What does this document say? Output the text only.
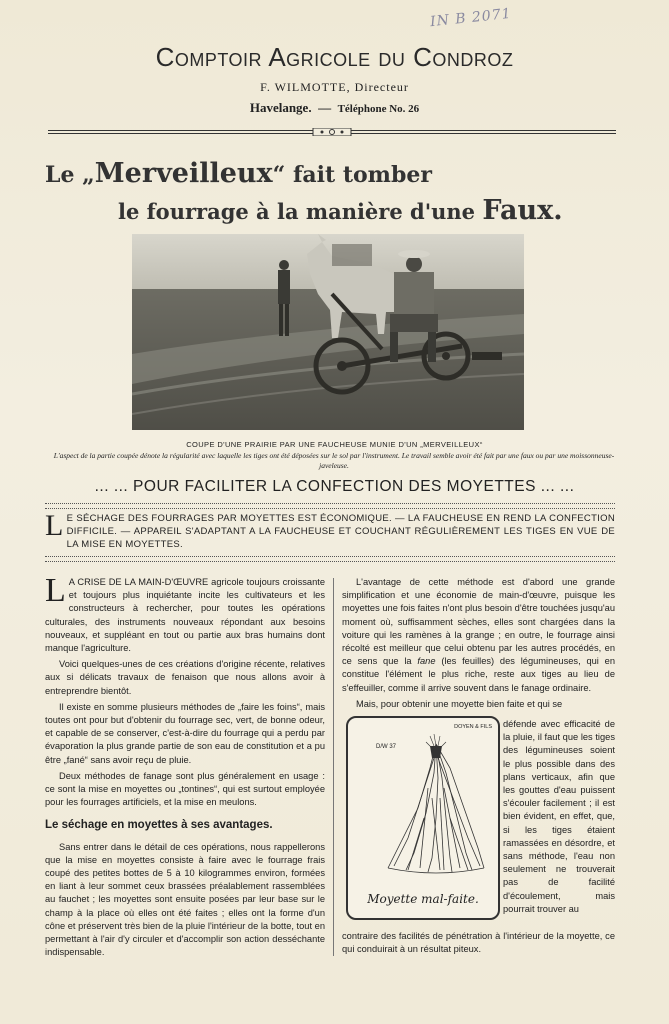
IN B 2071
Comptoir Agricole du Condroz
F. WILMOTTE, Directeur
Havelange. — Téléphone No. 26
Le „Merveilleux“ fait tomber
le fourrage à la manière d'une Faux.
COUPE D'UNE PRAIRIE PAR UNE FAUCHEUSE MUNIE D'UN „MERVEILLEUX“
L'aspect de la partie coupée dénote la régularité avec laquelle les tiges ont été déposées sur le sol par l'instrument. Le travail semble avoir été fait par une faux ou par une moissonneuse-javeleuse.
... ... POUR FACILITER LA CONFECTION DES MOYETTES ... ...
L E SÉCHAGE DES FOURRAGES PAR MOYETTES EST ÉCONOMIQUE. — LA FAUCHEUSE EN REND LA CONFECTION DIFFICILE. — APPAREIL S'ADAPTANT A LA FAUCHEUSE ET COUCHANT RÉGULIÈREMENT LES TIGES EN VUE DE LA MISE EN MOYETTES.

L A CRISE DE LA MAIN-D'ŒUVRE agricole toujours croissante et toujours plus inquiétante incite les cultivateurs et les constructeurs à rechercher, pour toutes les opérations culturales, des instruments nouveaux répondant aux besoins nouveaux, et suppléant en tout ou partie aux bras humains dont manque l'agriculture.

Voici quelques-unes de ces créations d'origine récente, relatives aux si délicats travaux de fenaison que nous allons avoir à entreprendre bientôt.

Il existe en somme plusieurs méthodes de „faire les foins“, mais toutes ont pour but d'obtenir du fourrage sec, vert, de bonne odeur, et capable de se conserver, c'est-à-dire du fourrage qui a perdu par évaporation la plus grande partie de son eau de constitution et a pu être „fané“ sans avoir reçu de pluie.

Deux méthodes de fanage sont plus généralement en usage : ce sont la mise en moyettes ou „tontines“, qui est surtout employée pour les fourrages artificiels, et la mise en meulons.

Le séchage en moyettes à ses avantages.

Sans entrer dans le détail de ces opérations, nous rappellerons que la mise en moyettes consiste à faire avec le fourrage frais coupé des petites bottes de 5 à 10 kilogrammes environ, formées en liant à leur sommet ceux brassées préalablement rassemblées au fauchet ; les moyettes sont ensuite posées par leur base sur le champ à la place où elles ont été faites ; elles ont la forme d'un cône et préservent très bien de la pluie l'intérieur de la botte, tout en permettant à l'air d'y circuler et d'accomplir son action desséchante indispensable.

L'avantage de cette méthode est d'abord une grande simplification et une économie de main-d'œuvre, puisque les moyettes une fois faites n'ont plus besoin d'être touchées jusqu'au moment où, suffisamment sèches, elles sont chargées dans la voiture qui les ramènes à la grange ; en outre, le fourrage ainsi récolté est meilleur que celui obtenu par les autres procédés, en ce sens que la fane (les feuilles) des légumineuses, qui en constitue l'élément le plus riche, reste aux tiges au lieu de s'effeuiller, comme il arrive souvent dans le fanage ordinaire.

Mais, pour obtenir une moyette bien faite et qui se

DOYEN & FILS
D/W 37
Moyette mal-faite.
défende avec efficacité de la pluie, il faut que les tiges des légumineuses soient le plus possible dans des plans verticaux, afin que les gouttes d'eau puissent s'écouler facilement ; il est bien évident, en effet, que, si les tiges étaient ramassées en désordre, et sans méthode, l'eau non seulement ne trouverait pas de facilité d'écoulement, mais pourrait trouver au
contraire des facilités de pénétration à l'intérieur de la moyette, ce qui conduirait à un résultat piteux.
